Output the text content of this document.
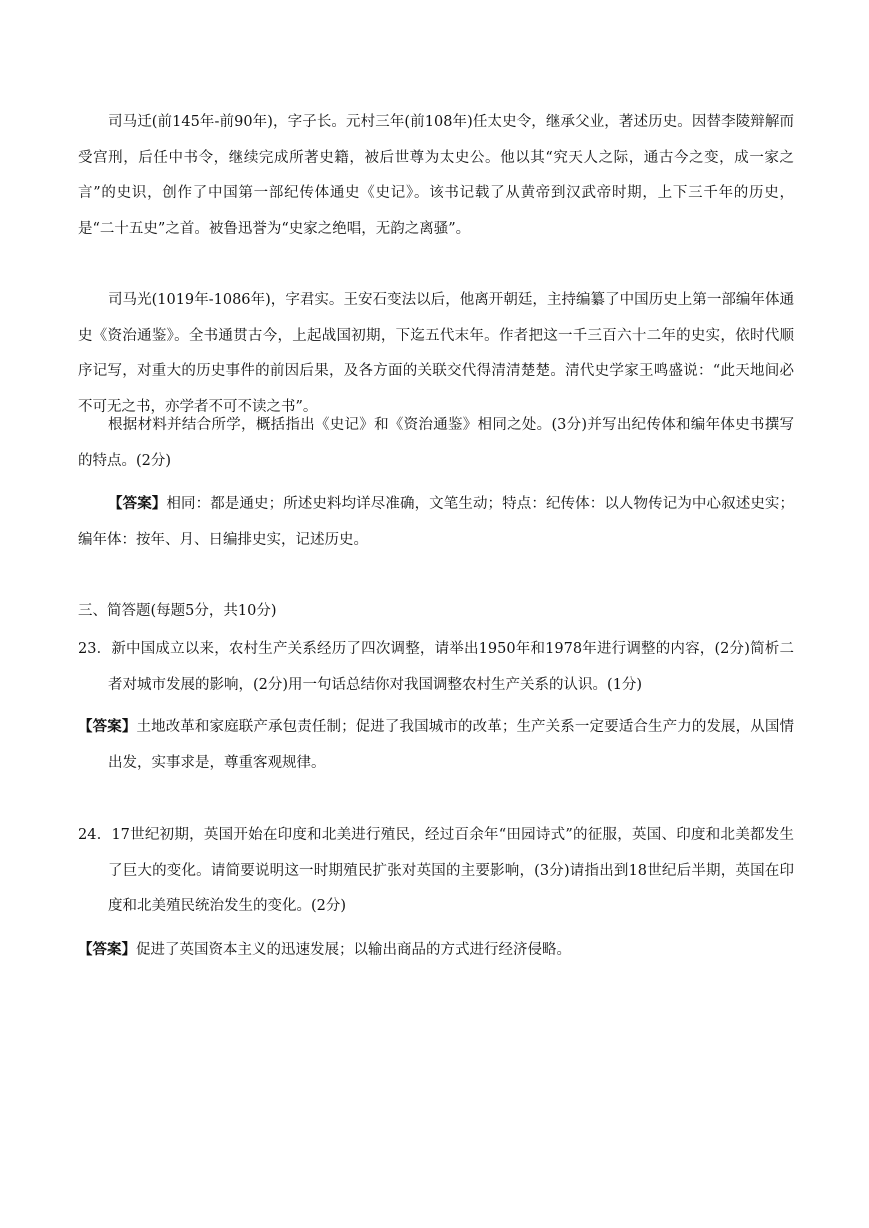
司马迁(前145年-前90年)，字子长。元村三年(前108年)任太史令，继承父业，著述历史。因替李陵辩解而受宫刑，后任中书令，继续完成所著史籍，被后世尊为太史公。他以其“究天人之际，通古今之变，成一家之言”的史识，创作了中国第一部纪传体通史《史记》。该书记载了从黄帝到汉武帝时期，上下三千年的历史，是“二十五史”之首。被鲁迅誉为“史家之绝唱，无韵之离骚”。

司马光(1019年-1086年)，字君实。王安石变法以后，他离开朝廷，主持编纂了中国历史上第一部编年体通史《资治通鉴》。全书通贯古今，上起战国初期，下迄五代末年。作者把这一千三百六十二年的史实，依时代顺序记写，对重大的历史事件的前因后果，及各方面的关联交代得清清楚楚。清代史学家王鸣盛说：“此天地间必不可无之书，亦学者不可不读之书”。

根据材料并结合所学，概括指出《史记》和《资治通鉴》相同之处。(3分)并写出纪传体和编年体史书撰写的特点。(2分)

【答案】相同：都是通史；所述史料均详尽准确，文笔生动；特点：纪传体：以人物传记为中心叙述史实；编年体：按年、月、日编排史实，记述历史。

三、简答题(每题5分，共10分)

23．新中国成立以来，农村生产关系经历了四次调整，请举出1950年和1978年进行调整的内容，(2分)简析二者对城市发展的影响，(2分)用一句话总结你对我国调整农村生产关系的认识。(1分)

【答案】土地改革和家庭联产承包责任制；促进了我国城市的改革；生产关系一定要适合生产力的发展，从国情出发，实事求是，尊重客观规律。

24．17世纪初期，英国开始在印度和北美进行殖民，经过百余年“田园诗式”的征服，英国、印度和北美都发生了巨大的变化。请简要说明这一时期殖民扩张对英国的主要影响，(3分)请指出到18世纪后半期，英国在印度和北美殖民统治发生的变化。(2分)

【答案】促进了英国资本主义的迅速发展；以输出商品的方式进行经济侵略。
